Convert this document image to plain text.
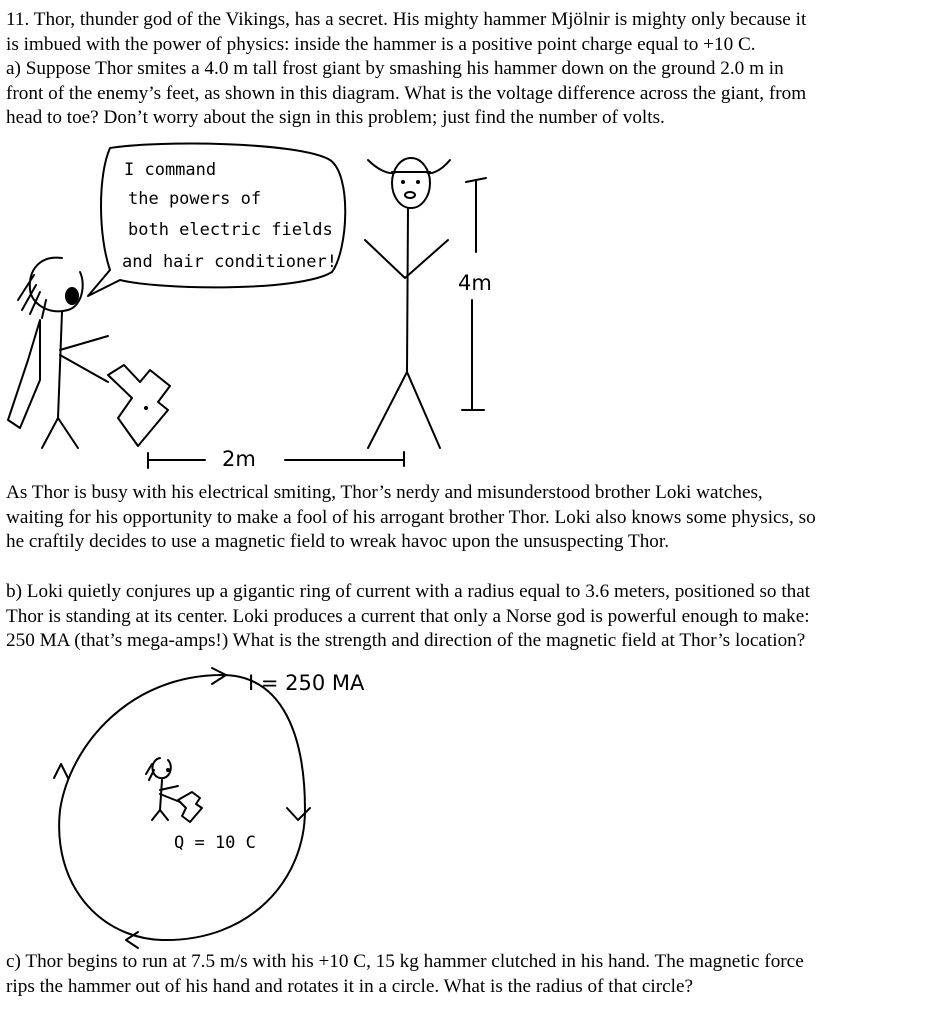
11. Thor, thunder god of the Vikings, has a secret. His mighty hammer Mjölnir is mighty only because it
is imbued with the power of physics: inside the hammer is a positive point charge equal to +10 C.
a) Suppose Thor smites a 4.0 m tall frost giant by smashing his hammer down on the ground 2.0 m in
front of the enemy’s feet, as shown in this diagram. What is the voltage difference across the giant, from
head to toe? Don’t worry about the sign in this problem; just find the number of volts.
I command
the powers of
both electric fields
and hair conditioner!
4m
2m
As Thor is busy with his electrical smiting, Thor’s nerdy and misunderstood brother Loki watches,
waiting for his opportunity to make a fool of his arrogant brother Thor. Loki also knows some physics, so
he craftily decides to use a magnetic field to wreak havoc upon the unsuspecting Thor.
b) Loki quietly conjures up a gigantic ring of current with a radius equal to 3.6 meters, positioned so that
Thor is standing at its center. Loki produces a current that only a Norse god is powerful enough to make:
250 MA (that’s mega-amps!) What is the strength and direction of the magnetic field at Thor’s location?
I = 250 MA
Q = 10 C
c) Thor begins to run at 7.5 m/s with his +10 C, 15 kg hammer clutched in his hand. The magnetic force
rips the hammer out of his hand and rotates it in a circle. What is the radius of that circle?
